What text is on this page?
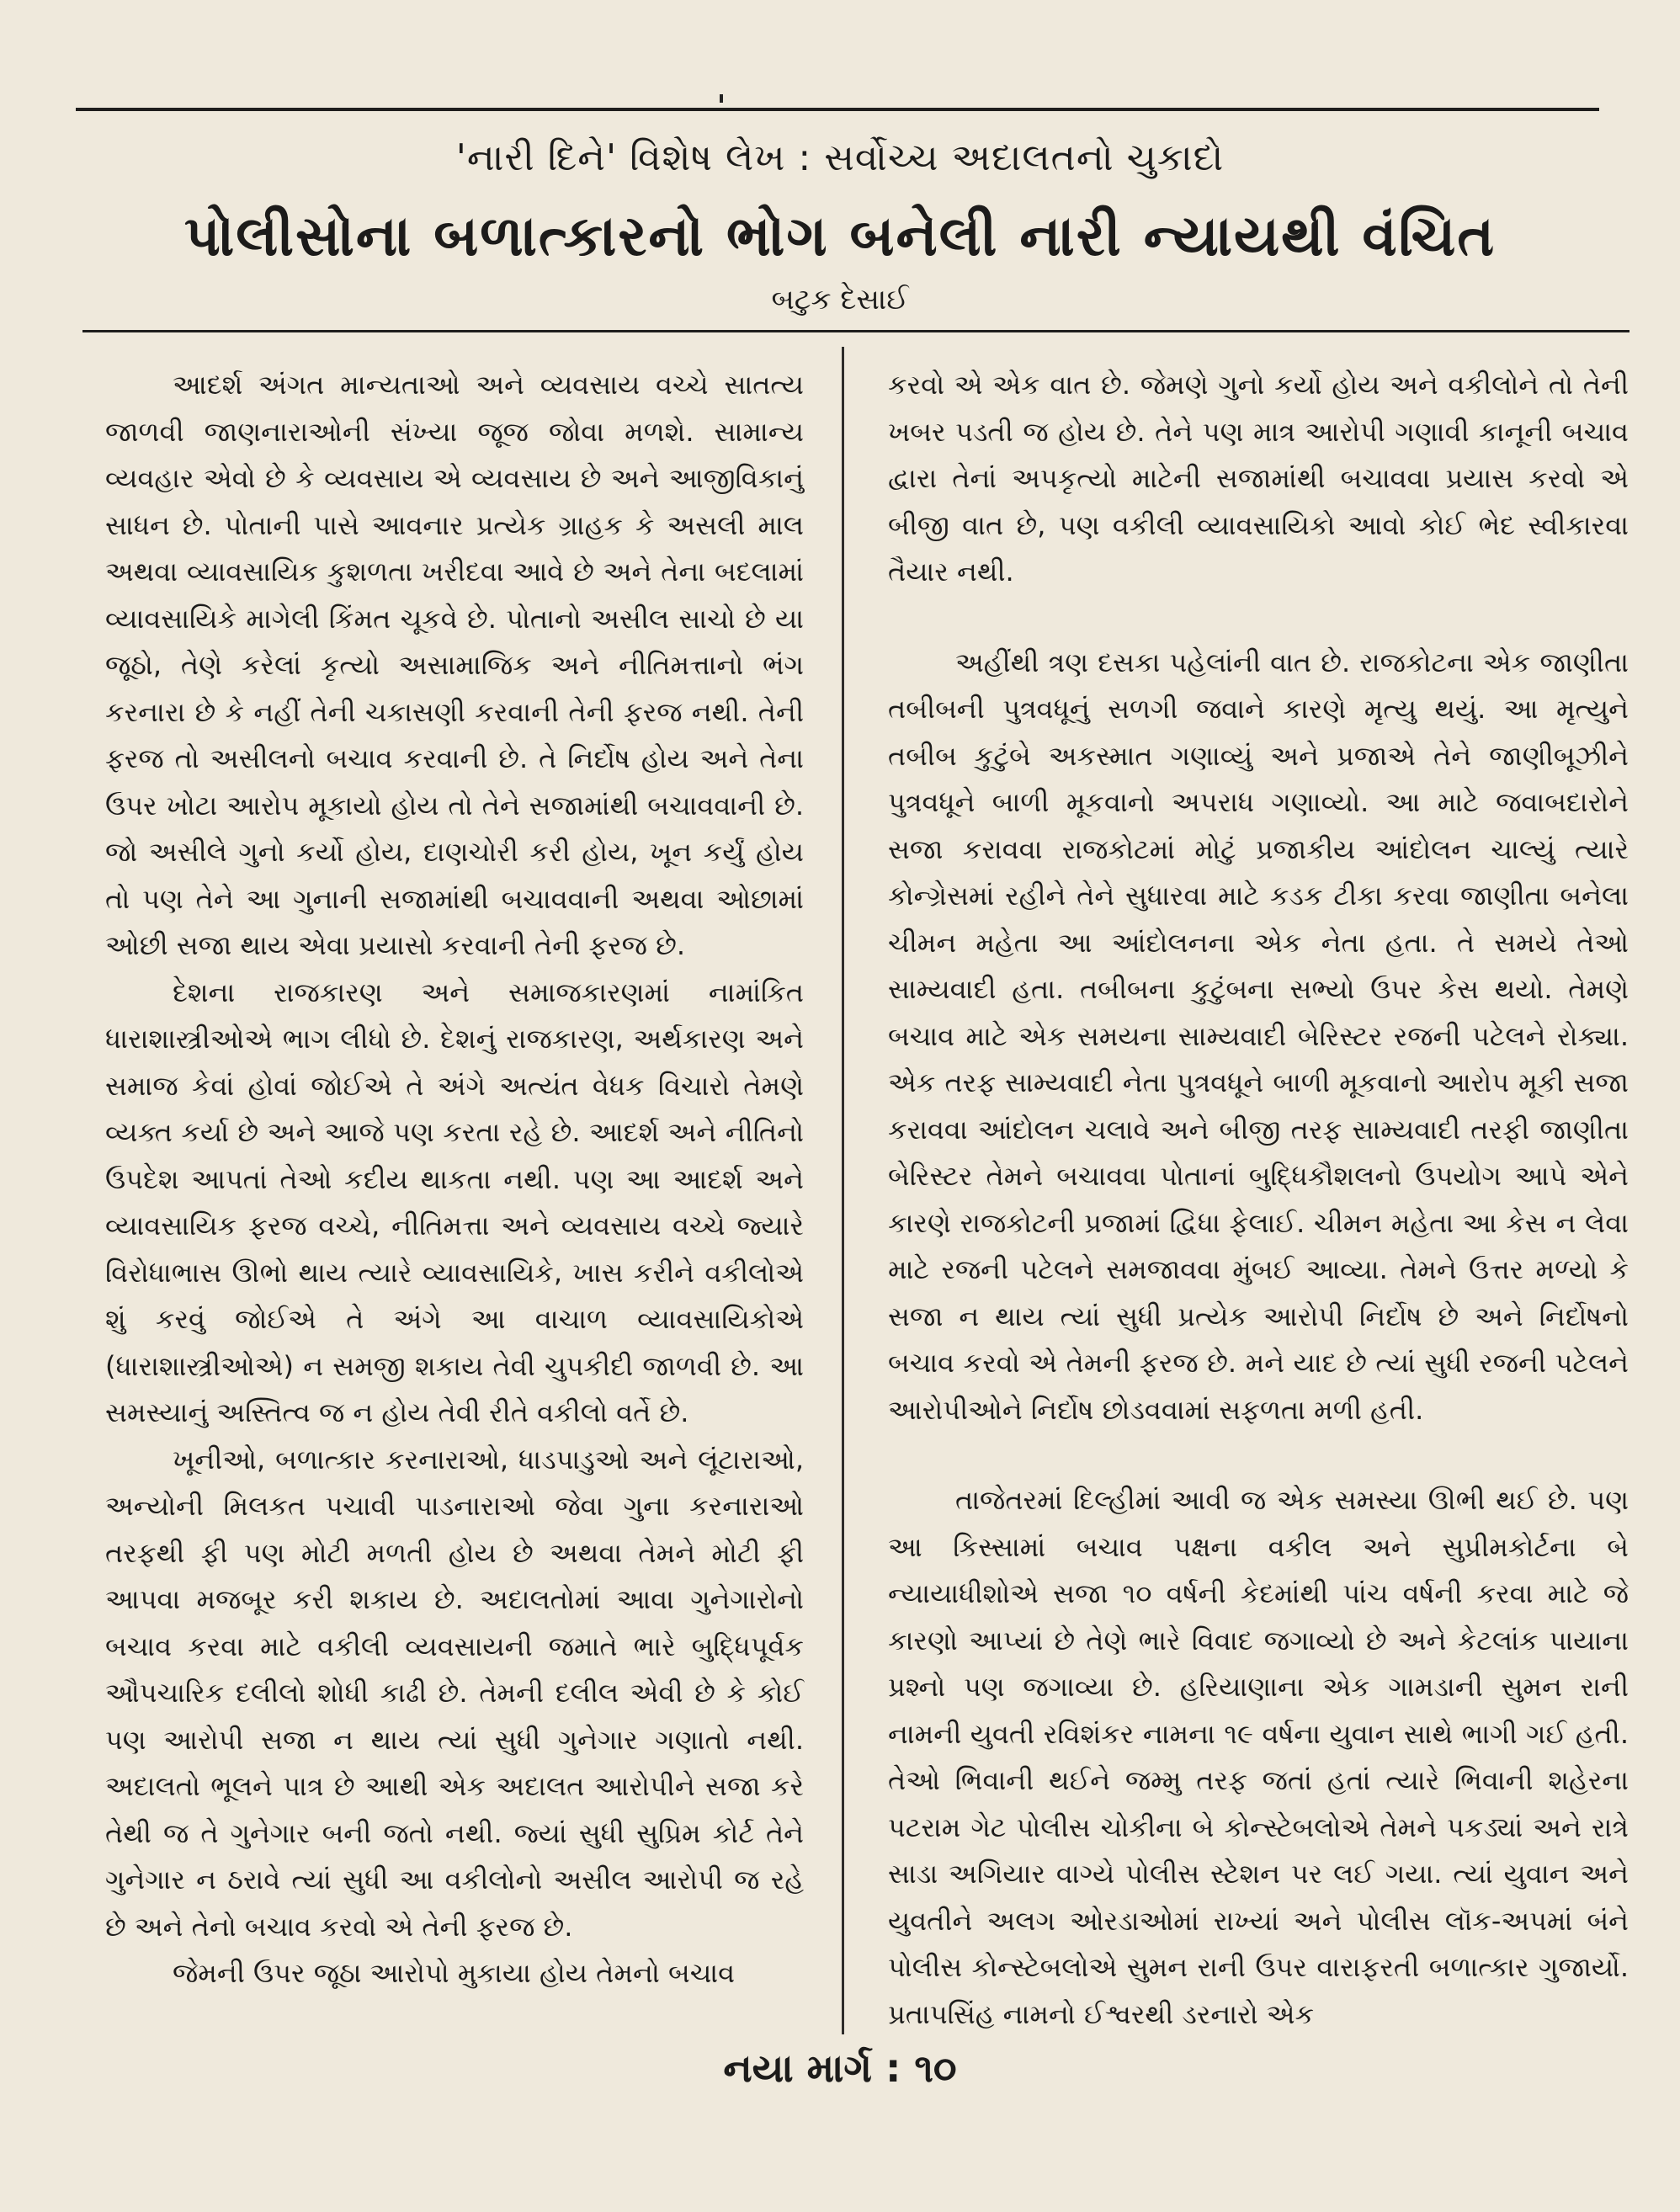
'નારી દિને' વિશેષ લેખ : સર્વોચ્ચ અદાલતનો ચુકાદો
પોલીસોના બળાત્કારનો ભોગ બનેલી નારી ન્યાયથી વંચિત
બટુક દેસાઈ

આદર્શ અંગત માન્યતાઓ અને વ્યવસાય વચ્ચે સાતત્ય જાળવી જાણનારાઓની સંખ્યા જૂજ જોવા મળશે. સામાન્ય વ્યવહાર એવો છે કે વ્યવસાય એ વ્યવસાય છે અને આજીવિકાનું સાધન છે. પોતાની પાસે આવનાર પ્રત્યેક ગ્રાહક કે અસલી માલ અથવા વ્યાવસાયિક કુશળતા ખરીદવા આવે છે અને તેના બદલામાં વ્યાવસાયિકે માગેલી કિંમત ચૂકવે છે. પોતાનો અસીલ સાચો છે યા જૂઠો, તેણે કરેલાં કૃત્યો અસામાજિક અને નીતિમત્તાનો ભંગ કરનારા છે કે નહીં તેની ચકાસણી કરવાની તેની ફરજ નથી. તેની ફરજ તો અસીલનો બચાવ કરવાની છે. તે નિર્દોષ હોય અને તેના ઉપર ખોટા આરોપ મૂકાયો હોય તો તેને સજામાંથી બચાવવાની છે. જો અસીલે ગુનો કર્યો હોય, દાણચોરી કરી હોય, ખૂન કર્યું હોય તો પણ તેને આ ગુનાની સજામાંથી બચાવવાની અથવા ઓછામાં ઓછી સજા થાય એવા પ્રયાસો કરવાની તેની ફરજ છે.

દેશના રાજકારણ અને સમાજકારણમાં નામાંકિત ધારાશાસ્ત્રીઓએ ભાગ લીધો છે. દેશનું રાજકારણ, અર્થકારણ અને સમાજ કેવાં હોવાં જોઈએ તે અંગે અત્યંત વેધક વિચારો તેમણે વ્યક્ત કર્યા છે અને આજે પણ કરતા રહે છે. આદર્શ અને નીતિનો ઉપદેશ આપતાં તેઓ કદીય થાકતા નથી. પણ આ આદર્શ અને વ્યાવસાયિક ફરજ વચ્ચે, નીતિમત્તા અને વ્યવસાય વચ્ચે જ્યારે વિરોધાભાસ ઊભો થાય ત્યારે વ્યાવસાયિકે, ખાસ કરીને વકીલોએ શું કરવું જોઈએ તે અંગે આ વાચાળ વ્યાવસાયિકોએ (ધારાશાસ્ત્રીઓએ) ન સમજી શકાય તેવી ચુપકીદી જાળવી છે. આ સમસ્યાનું અસ્તિત્વ જ ન હોય તેવી રીતે વકીલો વર્તે છે.

ખૂનીઓ, બળાત્કાર કરનારાઓ, ધાડપાડુઓ અને લૂંટારાઓ, અન્યોની મિલકત પચાવી પાડનારાઓ જેવા ગુના કરનારાઓ તરફથી ફી પણ મોટી મળતી હોય છે અથવા તેમને મોટી ફી આપવા મજબૂર કરી શકાય છે. અદાલતોમાં આવા ગુનેગારોનો બચાવ કરવા માટે વકીલી વ્યવસાયની જમાતે ભારે બુદ્ધિપૂર્વક ઔપચારિક દલીલો શોધી કાઢી છે. તેમની દલીલ એવી છે કે કોઈ પણ આરોપી સજા ન થાય ત્યાં સુધી ગુનેગાર ગણાતો નથી. અદાલતો ભૂલને પાત્ર છે આથી એક અદાલત આરોપીને સજા કરે તેથી જ તે ગુનેગાર બની જતો નથી. જ્યાં સુધી સુપ્રિમ કોર્ટ તેને ગુનેગાર ન ઠરાવે ત્યાં સુધી આ વકીલોનો અસીલ આરોપી જ રહે છે અને તેનો બચાવ કરવો એ તેની ફરજ છે.

જેમની ઉપર જૂઠા આરોપો મુકાયા હોય તેમનો બચાવ

કરવો એ એક વાત છે. જેમણે ગુનો કર્યો હોય અને વકીલોને તો તેની ખબર પડતી જ હોય છે. તેને પણ માત્ર આરોપી ગણાવી કાનૂની બચાવ દ્વારા તેનાં અપકૃત્યો માટેની સજામાંથી બચાવવા પ્રયાસ કરવો એ બીજી વાત છે, પણ વકીલી વ્યાવસાયિકો આવો કોઈ ભેદ સ્વીકારવા તૈયાર નથી.

અહીંથી ત્રણ દસકા પહેલાંની વાત છે. રાજકોટના એક જાણીતા તબીબની પુત્રવધૂનું સળગી જવાને કારણે મૃત્યુ થયું. આ મૃત્યુને તબીબ કુટુંબે અકસ્માત ગણાવ્યું અને પ્રજાએ તેને જાણીબૂઝીને પુત્રવધૂને બાળી મૂકવાનો અપરાધ ગણાવ્યો. આ માટે જવાબદારોને સજા કરાવવા રાજકોટમાં મોટું પ્રજાકીય આંદોલન ચાલ્યું ત્યારે કોન્ગ્રેસમાં રહીને તેને સુધારવા માટે કડક ટીકા કરવા જાણીતા બનેલા ચીમન મહેતા આ આંદોલનના એક નેતા હતા. તે સમયે તેઓ સામ્યવાદી હતા. તબીબના કુટુંબના સભ્યો ઉપર કેસ થયો. તેમણે બચાવ માટે એક સમયના સામ્યવાદી બેરિસ્ટર રજની પટેલને રોક્યા. એક તરફ સામ્યવાદી નેતા પુત્રવધૂને બાળી મૂકવાનો આરોપ મૂકી સજા કરાવવા આંદોલન ચલાવે અને બીજી તરફ સામ્યવાદી તરફી જાણીતા બેરિસ્ટર તેમને બચાવવા પોતાનાં બુદ્ધિકૌશલનો ઉપયોગ આપે એને કારણે રાજકોટની પ્રજામાં દ્વિધા ફેલાઈ. ચીમન મહેતા આ કેસ ન લેવા માટે રજની પટેલને સમજાવવા મુંબઈ આવ્યા. તેમને ઉત્તર મળ્યો કે સજા ન થાય ત્યાં સુધી પ્રત્યેક આરોપી નિર્દોષ છે અને નિર્દોષનો બચાવ કરવો એ તેમની ફરજ છે. મને યાદ છે ત્યાં સુધી રજની પટેલને આરોપીઓને નિર્દોષ છોડવવામાં સફળતા મળી હતી.

તાજેતરમાં દિલ્હીમાં આવી જ એક સમસ્યા ઊભી થઈ છે. પણ આ કિસ્સામાં બચાવ પક્ષના વકીલ અને સુપ્રીમકોર્ટના બે ન્યાયાધીશોએ સજા ૧૦ વર્ષની કેદમાંથી પાંચ વર્ષની કરવા માટે જે કારણો આપ્યાં છે તેણે ભારે વિવાદ જગાવ્યો છે અને કેટલાંક પાયાના પ્રશ્નો પણ જગાવ્યા છે. હરિયાણાના એક ગામડાની સુમન રાની નામની યુવતી રવિશંકર નામના ૧૯ વર્ષના યુવાન સાથે ભાગી ગઈ હતી. તેઓ ભિવાની થઈને જમ્મુ તરફ જતાં હતાં ત્યારે ભિવાની શહેરના પટરામ ગેટ પોલીસ ચોકીના બે કોન્સ્ટેબલોએ તેમને પકડ્યાં અને રાત્રે સાડા અગિયાર વાગ્યે પોલીસ સ્ટેશન પર લઈ ગયા. ત્યાં યુવાન અને યુવતીને અલગ ઓરડાઓમાં રાખ્યાં અને પોલીસ લૉક-અપમાં બંને પોલીસ કોન્સ્ટેબલોએ સુમન રાની ઉપર વારાફરતી બળાત્કાર ગુજાર્યો. પ્રતાપસિંહ નામનો ઈશ્વરથી ડરનારો એક

નયા માર્ગ : ૧૦
